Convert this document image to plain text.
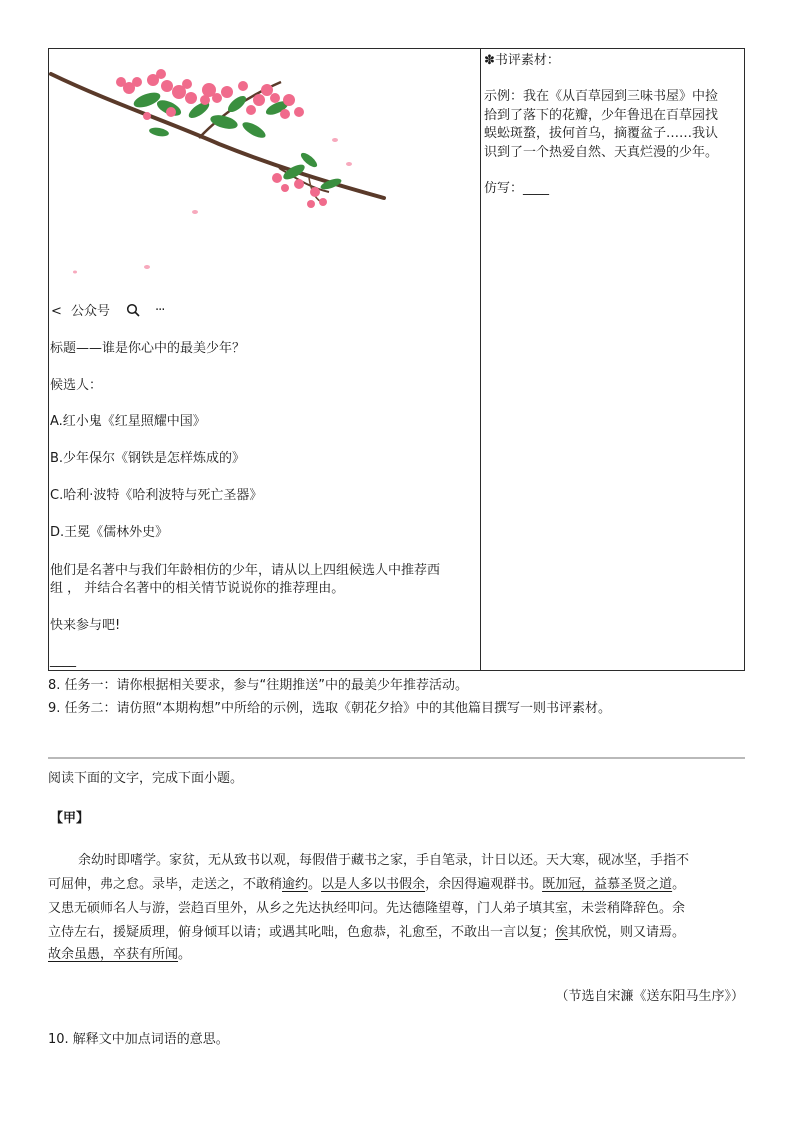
< 公众号	···
标题——谁是你心中的最美少年？
候选人：
A.红小鬼《红星照耀中国》
B.少年保尔《钢铁是怎样炼成的》
C.哈利·波特《哈利波特与死亡圣器》
D.王冕《儒林外史》
他们是名著中与我们年龄相仿的少年，请从以上四组候选人中推荐西
组 ， 并结合名著中的相关情节说说你的推荐理由。
快来参与吧!
____
✽书评素材：
示例：我在《从百草园到三味书屋》中捡
拾到了落下的花瓣，少年鲁迅在百草园找
蜈蚣斑蝥，拔何首乌，摘覆盆子……我认
识到了一个热爱自然、天真烂漫的少年。
仿写：____
8. 任务一：请你根据相关要求，参与“往期推送”中的最美少年推荐活动。
9. 任务二：请仿照“本期构想”中所给的示例，选取《朝花夕拾》中的其他篇目撰写一则书评素材。
阅读下面的文字，完成下面小题。
【甲】
余幼时即嗜学。家贫，无从致书以观，每假借于藏书之家，手自笔录，计日以还。天大寒，砚冰坚，手指不
可屈伸，弗之怠。录毕，走送之，不敢稍逾约。以是人多以书假余，余因得遍观群书。既加冠，益慕圣贤之道。
又患无硕师名人与游，尝趋百里外，从乡之先达执经叩问。先达德隆望尊，门人弟子填其室，未尝稍降辞色。余
立侍左右，援疑质理，俯身倾耳以请；或遇其叱咄，色愈恭，礼愈至，不敢出一言以复；俟其欣悦，则又请焉。
故余虽愚，卒获有所闻。
（节选自宋濂《送东阳马生序》）
10. 解释文中加点词语的意思。
